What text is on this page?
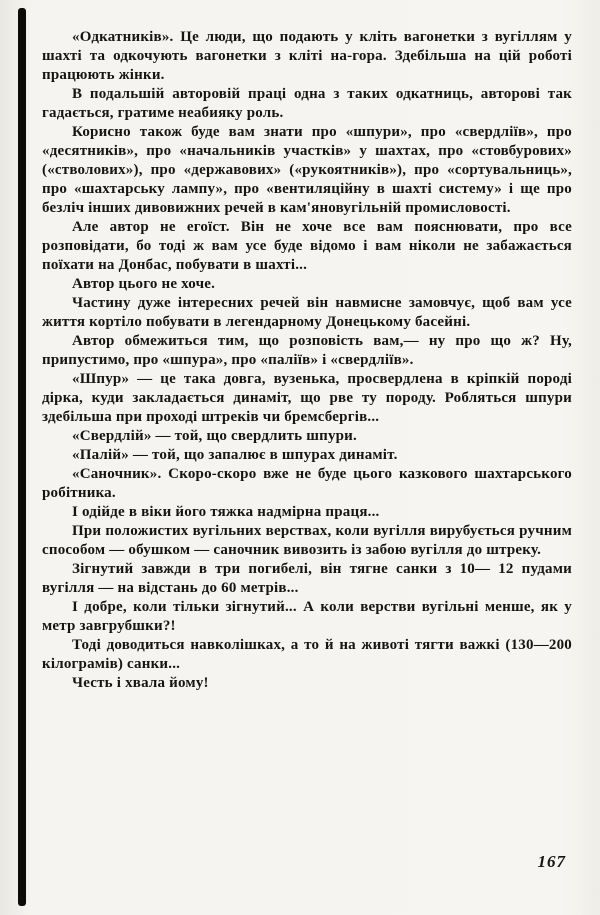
«Одкатників». Це люди, що подають у кліть вагонетки з вугіллям у шахті та одкочують вагонетки з кліті на-гора. Здебільша на цій роботі працюють жінки.

В подальшій авторовій праці одна з таких одкатниць, авторові так гадається, гратиме неабияку роль.

Корисно також буде вам знати про «шпури», про «свердліїв», про «десятників», про «начальників участків» у шахтах, про «стовбурових» («стволових»), про «державових» («рукоятників»), про «сортувальниць», про «шахтарську лампу», про «вентиляційну в шахті систему» і ще про безліч інших дивовижних речей в кам'яновугільній промисловості.

Але автор не егоїст. Він не хоче все вам пояснювати, про все розповідати, бо тоді ж вам усе буде відомо і вам ніколи не забажається поїхати на Донбас, побувати в шахті...

Автор цього не хоче.

Частину дуже інтересних речей він навмисне замовчує, щоб вам усе життя кортіло побувати в легендарному Донецькому басейні.

Автор обмежиться тим, що розповість вам,— ну про що ж? Ну, припустимо, про «шпура», про «паліїв» і «свердліїв».

«Шпур» — це така довга, вузенька, просвердлена в кріпкій породі дірка, куди закладається динаміт, що рве ту породу. Робляться шпури здебільша при проході штреків чи бремсбергів...

«Свердлій» — той, що свердлить шпури.

«Палій» — той, що запалює в шпурах динаміт.

«Саночник». Скоро-скоро вже не буде цього казкового шахтарського робітника.

І одійде в віки його тяжка надмірна праця...

При положистих вугільних верствах, коли вугілля вирубується ручним способом — обушком — саночник вивозить із забою вугілля до штреку.

Зігнутий завжди в три погибелі, він тягне санки з 10— 12 пудами вугілля — на відстань до 60 метрів...

І добре, коли тільки зігнутий... А коли верстви вугільні менше, як у метр завгрубшки?!

Тоді доводиться навколішках, а то й на животі тягти важкі (130—200 кілограмів) санки...

Честь і хвала йому!

167
